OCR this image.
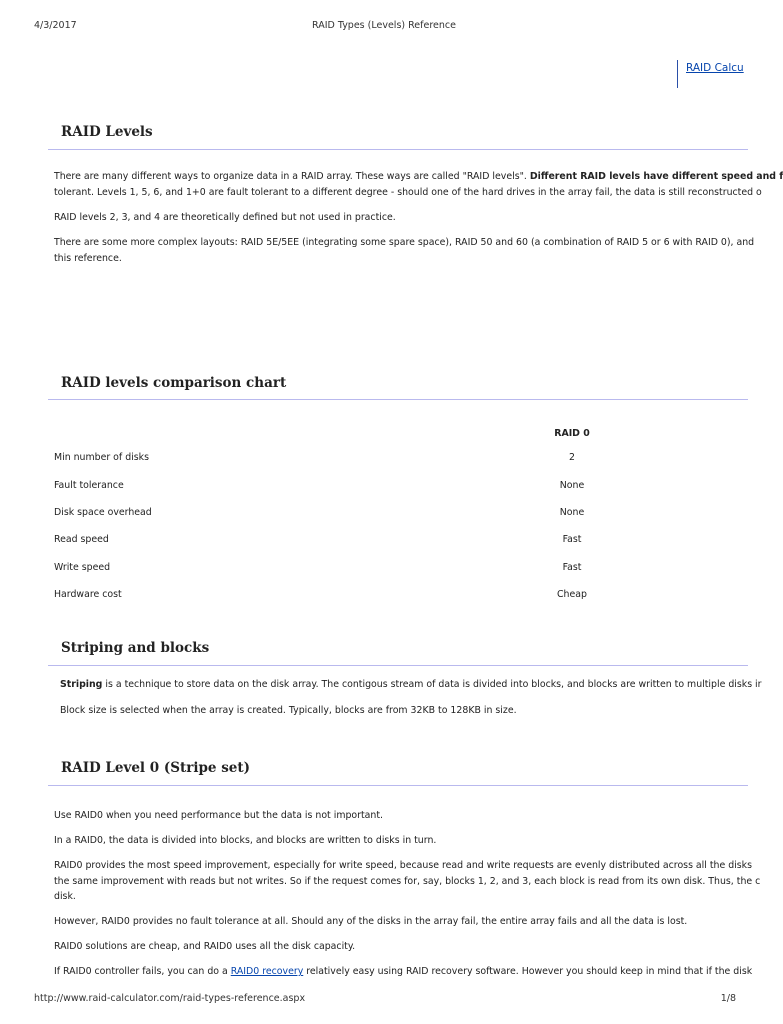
4/3/2017	RAID Types (Levels) Reference
RAID Calcu
RAID Levels
There are many different ways to organize data in a RAID array. These ways are called "RAID levels". Different RAID levels have different speed and f
tolerant. Levels 1, 5, 6, and 1+0 are fault tolerant to a different degree - should one of the hard drives in the array fail, the data is still reconstructed o
RAID levels 2, 3, and 4 are theoretically defined but not used in practice.
There are some more complex layouts: RAID 5E/5EE (integrating some spare space), RAID 50 and 60 (a combination of RAID 5 or 6 with RAID 0), and
this reference.
RAID levels comparison chart
RAID 0
Min number of disks	2
Fault tolerance	None
Disk space overhead	None
Read speed	Fast
Write speed	Fast
Hardware cost	Cheap
Striping and blocks
Striping is a technique to store data on the disk array. The contigous stream of data is divided into blocks, and blocks are written to multiple disks ir
Block size is selected when the array is created. Typically, blocks are from 32KB to 128KB in size.
RAID Level 0 (Stripe set)
Use RAID0 when you need performance but the data is not important.
In a RAID0, the data is divided into blocks, and blocks are written to disks in turn.
RAID0 provides the most speed improvement, especially for write speed, because read and write requests are evenly distributed across all the disks
the same improvement with reads but not writes. So if the request comes for, say, blocks 1, 2, and 3, each block is read from its own disk. Thus, the c
disk.
However, RAID0 provides no fault tolerance at all. Should any of the disks in the array fail, the entire array fails and all the data is lost.
RAID0 solutions are cheap, and RAID0 uses all the disk capacity.
If RAID0 controller fails, you can do a RAID0 recovery relatively easy using RAID recovery software. However you should keep in mind that if the disk
http://www.raid-calculator.com/raid-types-reference.aspx	1/8
